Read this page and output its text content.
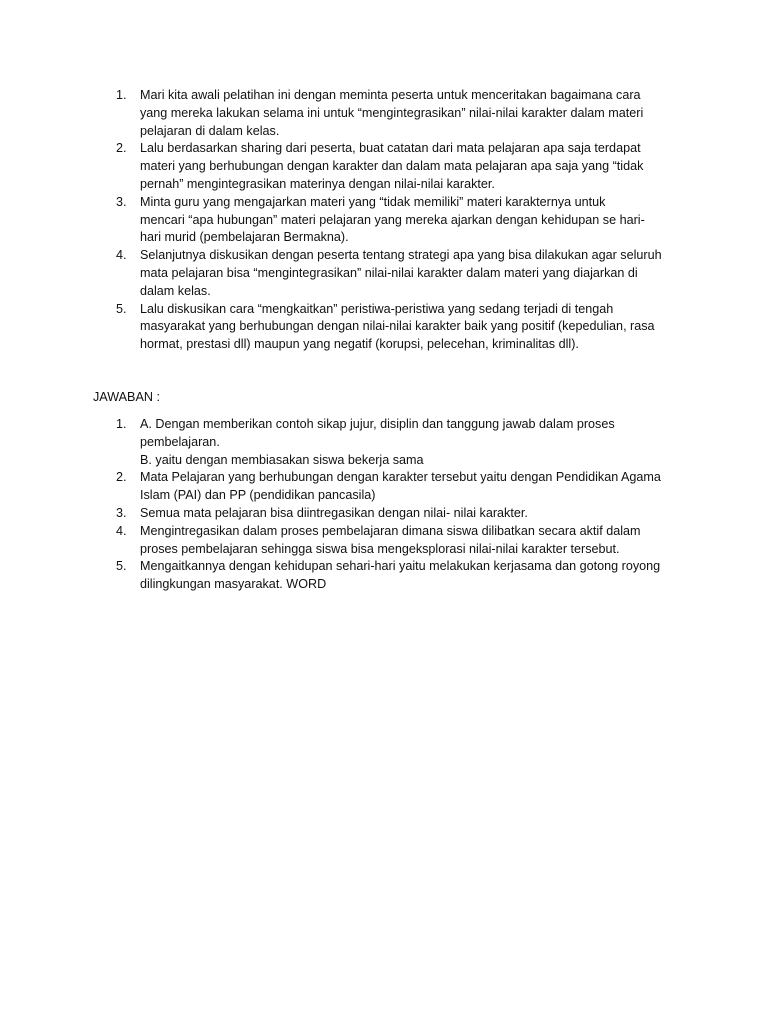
1.	Mari kita awali pelatihan ini dengan meminta peserta untuk menceritakan bagaimana cara
yang mereka lakukan selama ini untuk “mengintegrasikan” nilai-nilai karakter dalam materi
pelajaran di dalam kelas.
2.	Lalu berdasarkan sharing dari peserta, buat catatan dari mata pelajaran apa saja terdapat
materi yang berhubungan dengan karakter dan dalam mata pelajaran apa saja yang “tidak
pernah” mengintegrasikan materinya dengan nilai-nilai karakter.
3.	Minta guru yang mengajarkan materi yang “tidak memiliki” materi karakternya untuk
mencari “apa hubungan” materi pelajaran yang mereka ajarkan dengan kehidupan se hari-
hari murid (pembelajaran Bermakna).
4.	Selanjutnya diskusikan dengan peserta tentang strategi apa yang bisa dilakukan agar seluruh
mata pelajaran bisa “mengintegrasikan” nilai-nilai karakter dalam materi yang diajarkan di
dalam kelas.
5.	Lalu diskusikan cara “mengkaitkan” peristiwa-peristiwa yang sedang terjadi di tengah
masyarakat yang berhubungan dengan nilai-nilai karakter baik yang positif (kepedulian, rasa
hormat, prestasi dll) maupun yang negatif (korupsi, pelecehan, kriminalitas dll).

JAWABAN :

1.	A. Dengan memberikan contoh sikap jujur, disiplin dan tanggung jawab dalam proses
pembelajaran.
B. yaitu dengan membiasakan siswa bekerja sama
2.	Mata Pelajaran yang berhubungan dengan karakter tersebut yaitu dengan Pendidikan Agama
Islam (PAI) dan PP (pendidikan pancasila)
3.	Semua mata pelajaran bisa diintregasikan dengan nilai- nilai karakter.
4.	Mengintregasikan dalam proses pembelajaran dimana siswa dilibatkan secara aktif dalam
proses pembelajaran sehingga siswa bisa mengeksplorasi nilai-nilai karakter tersebut.
5.	Mengaitkannya dengan kehidupan sehari-hari yaitu melakukan kerjasama dan gotong royong
dilingkungan masyarakat. WORD
